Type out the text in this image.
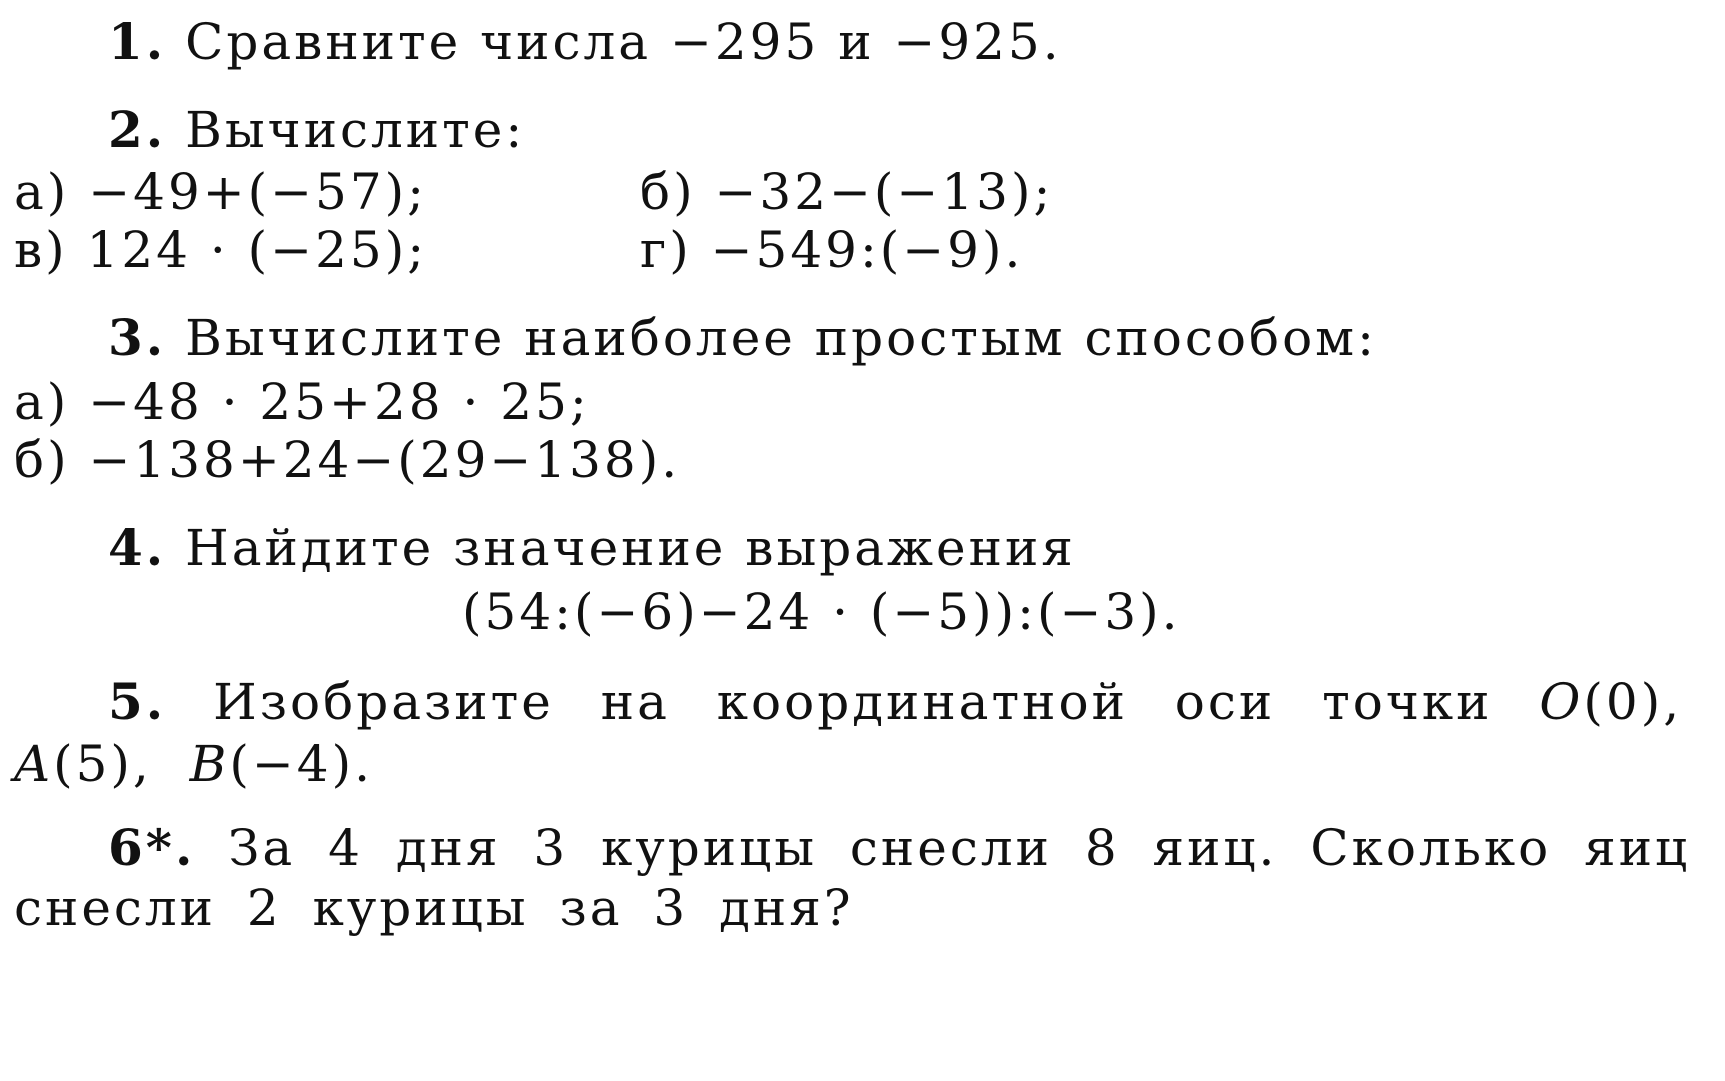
1. Сравните числа −295 и −925.
2. Вычислите:
а) −49+(−57);	б) −32−(−13);
в) 124 · (−25);	г) −549:(−9).
3. Вычислите наиболее простым способом:
а) −48 · 25+28 · 25;
б) −138+24−(29−138).
4. Найдите значение выражения
(54:(−6)−24 · (−5)):(−3).
5. Изобразите на координатной оси точки O(0),
A(5), B(−4).
6*. За 4 дня 3 курицы снесли 8 яиц. Сколько яиц
снесли 2 курицы за 3 дня?
